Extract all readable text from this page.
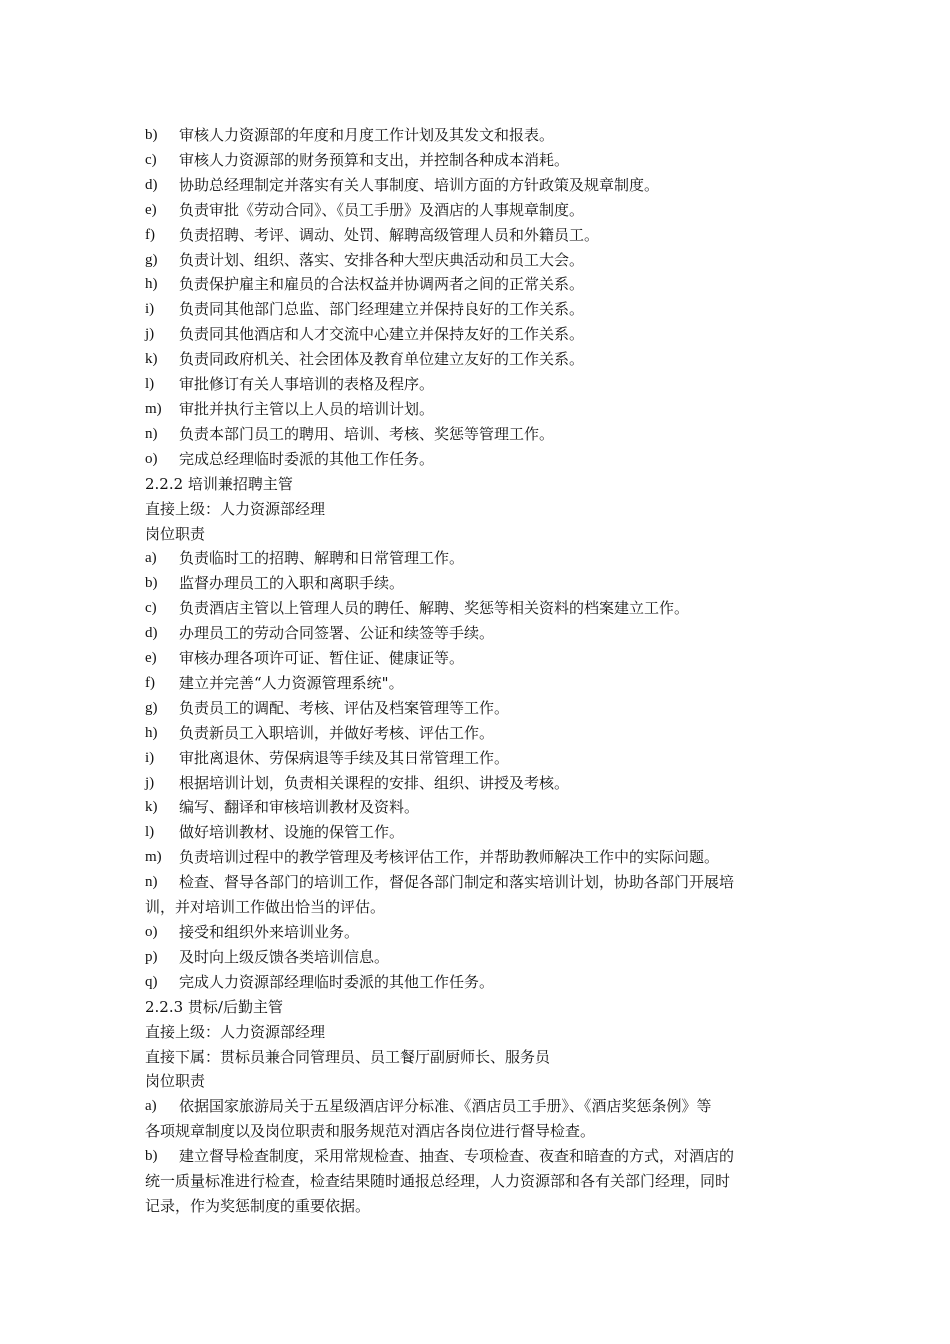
b)	审核人力资源部的年度和月度工作计划及其发文和报表。
c)	审核人力资源部的财务预算和支出，并控制各种成本消耗。
d)	协助总经理制定并落实有关人事制度、培训方面的方针政策及规章制度。
e)	负责审批《劳动合同》、《员工手册》及酒店的人事规章制度。
f)	负责招聘、考评、调动、处罚、解聘高级管理人员和外籍员工。
g)	负责计划、组织、落实、安排各种大型庆典活动和员工大会。
h)	负责保护雇主和雇员的合法权益并协调两者之间的正常关系。
i)	负责同其他部门总监、部门经理建立并保持良好的工作关系。
j)	负责同其他酒店和人才交流中心建立并保持友好的工作关系。
k)	负责同政府机关、社会团体及教育单位建立友好的工作关系。
l)	审批修订有关人事培训的表格及程序。
m)	审批并执行主管以上人员的培训计划。
n)	负责本部门员工的聘用、培训、考核、奖惩等管理工作。
o)	完成总经理临时委派的其他工作任务。
2.2.2 培训兼招聘主管
直接上级：人力资源部经理
岗位职责
a)	负责临时工的招聘、解聘和日常管理工作。
b)	监督办理员工的入职和离职手续。
c)	负责酒店主管以上管理人员的聘任、解聘、奖惩等相关资料的档案建立工作。
d)	办理员工的劳动合同签署、公证和续签等手续。
e)	审核办理各项许可证、暂住证、健康证等。
f)	建立并完善“人力资源管理系统"。
g)	负责员工的调配、考核、评估及档案管理等工作。
h)	负责新员工入职培训，并做好考核、评估工作。
i)	审批离退休、劳保病退等手续及其日常管理工作。
j)	根据培训计划，负责相关课程的安排、组织、讲授及考核。
k)	编写、翻译和审核培训教材及资料。
l)	做好培训教材、设施的保管工作。
m)	负责培训过程中的教学管理及考核评估工作，并帮助教师解决工作中的实际问题。
n)	检查、督导各部门的培训工作，督促各部门制定和落实培训计划，协助各部门开展培
训，并对培训工作做出恰当的评估。
o)	接受和组织外来培训业务。
p)	及时向上级反馈各类培训信息。
q)	完成人力资源部经理临时委派的其他工作任务。
2.2.3 贯标/后勤主管
直接上级：人力资源部经理
直接下属：贯标员兼合同管理员、员工餐厅副厨师长、服务员
岗位职责
a)	依据国家旅游局关于五星级酒店评分标准、《酒店员工手册》、《酒店奖惩条例》等
各项规章制度以及岗位职责和服务规范对酒店各岗位进行督导检查。
b)	建立督导检查制度，采用常规检查、抽查、专项检查、夜查和暗查的方式，对酒店的
统一质量标准进行检查，检查结果随时通报总经理，人力资源部和各有关部门经理，同时
记录，作为奖惩制度的重要依据。
